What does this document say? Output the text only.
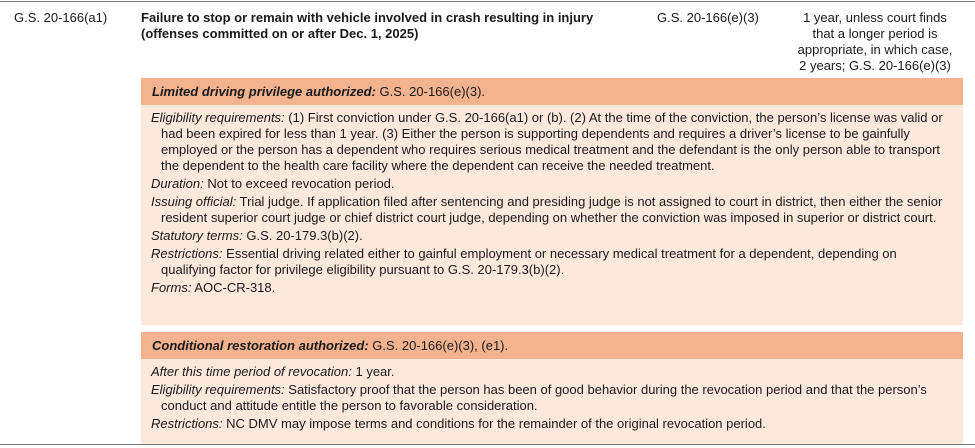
G.S. 20-166(a1)	Failure to stop or remain with vehicle involved in crash resulting in injury
(offenses committed on or after Dec. 1, 2025)
G.S. 20-166(e)(3)	1 year, unless court finds
that a longer period is
appropriate, in which case,
2 years; G.S. 20-166(e)(3)
Limited driving privilege authorized: G.S. 20-166(e)(3).
Eligibility requirements: (1) First conviction under G.S. 20-166(a1) or (b). (2) At the time of the conviction, the person’s license was valid or had been expired for less than 1 year. (3) Either the person is supporting dependents and requires a driver’s license to be gainfully employed or the person has a dependent who requires serious medical treatment and the defendant is the only person able to transport the dependent to the health care facility where the dependent can receive the needed treatment.
Duration: Not to exceed revocation period.
Issuing official: Trial judge. If application filed after sentencing and presiding judge is not assigned to court in district, then either the senior resident superior court judge or chief district court judge, depending on whether the conviction was imposed in superior or district court.
Statutory terms: G.S. 20-179.3(b)(2).
Restrictions: Essential driving related either to gainful employment or necessary medical treatment for a dependent, depending on qualifying factor for privilege eligibility pursuant to G.S. 20-179.3(b)(2).
Forms: AOC-CR-318.
Conditional restoration authorized: G.S. 20-166(e)(3), (e1).
After this time period of revocation: 1 year.
Eligibility requirements: Satisfactory proof that the person has been of good behavior during the revocation period and that the person’s conduct and attitude entitle the person to favorable consideration.
Restrictions: NC DMV may impose terms and conditions for the remainder of the original revocation period.
